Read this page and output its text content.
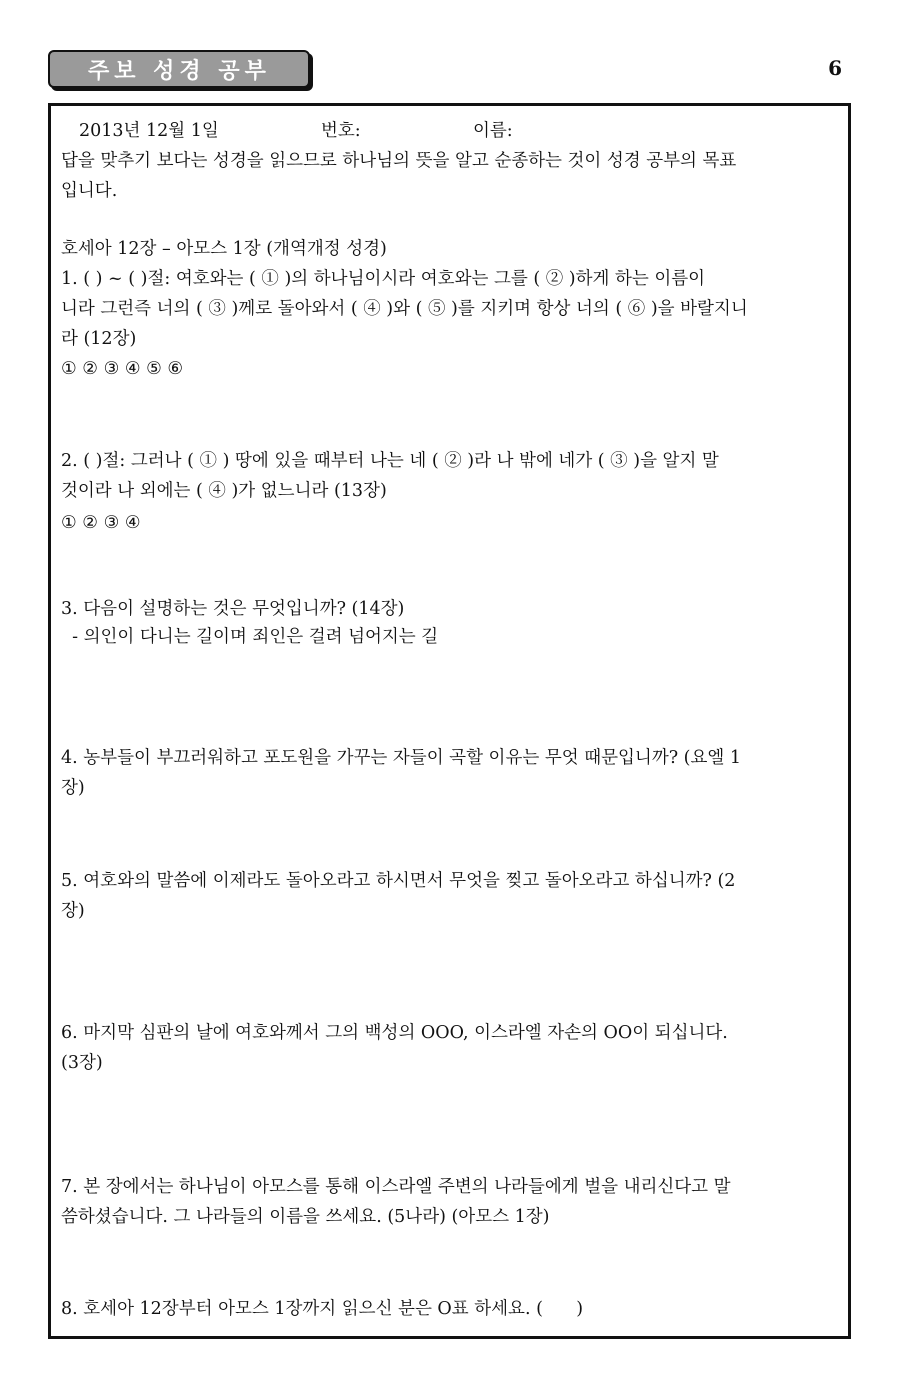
주보 성경 공부	6
2013년 12월 1일	번호:	이름:
답을 맞추기 보다는 성경을 읽으므로 하나님의 뜻을 알고 순종하는 것이 성경 공부의 목표
입니다.
호세아 12장 – 아모스 1장 (개역개정 성경)
1. ( ) ~ ( )절: 여호와는 ( ① )의 하나님이시라 여호와는 그를 ( ② )하게 하는 이름이
니라 그런즉 너의 ( ③ )께로 돌아와서 ( ④ )와 ( ⑤ )를 지키며 항상 너의 ( ⑥ )을 바랄지니
라 (12장)
① ② ③ ④ ⑤ ⑥
2. ( )절: 그러나 ( ① ) 땅에 있을 때부터 나는 네 ( ② )라 나 밖에 네가 ( ③ )을 알지 말
것이라 나 외에는 ( ④ )가 없느니라 (13장)
① ② ③ ④
3. 다음이 설명하는 것은 무엇입니까? (14장)
- 의인이 다니는 길이며 죄인은 걸려 넘어지는 길
4. 농부들이 부끄러워하고 포도원을 가꾸는 자들이 곡할 이유는 무엇 때문입니까? (요엘 1
장)
5. 여호와의 말씀에 이제라도 돌아오라고 하시면서 무엇을 찢고 돌아오라고 하십니까? (2
장)
6. 마지막 심판의 날에 여호와께서 그의 백성의 OOO, 이스라엘 자손의 OO이 되십니다.
(3장)
7. 본 장에서는 하나님이 아모스를 통해 이스라엘 주변의 나라들에게 벌을 내리신다고 말
씀하셨습니다. 그 나라들의 이름을 쓰세요. (5나라) (아모스 1장)
8. 호세아 12장부터 아모스 1장까지 읽으신 분은 O표 하세요. (      )
